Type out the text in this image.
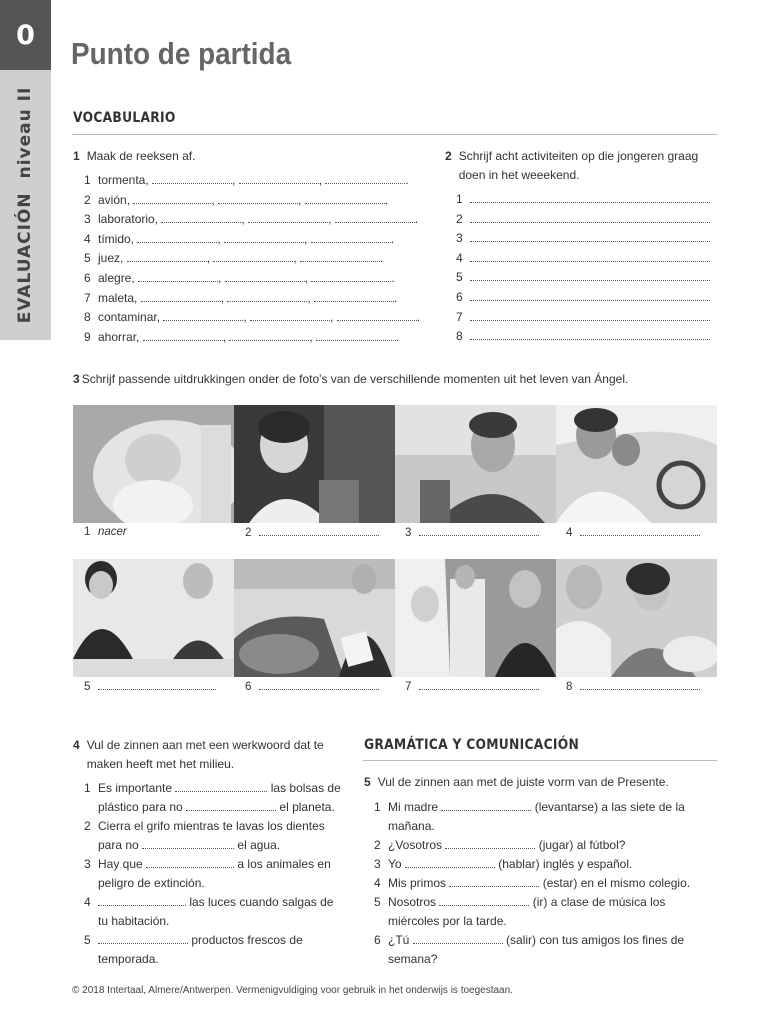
0
EVALUACIÓNniveau II
Punto de partida
VOCABULARIO
1 Maak de reeksen af.
1 tormenta,	,	,	.
2 avión,	,	,	.
3 laboratorio,	,	,	.
4 tímido,	,	,	.
5 juez,	,	,	.
6 alegre,	,	,	.
7 maleta,	,	,	.
8 contaminar,	,	,	.
9 ahorrar,	,	,	.
2 Schrijf acht activiteiten op die jongeren graag doen in het weeekend.
1
2
3
4
5
6
7
8
3 Schrijf passende uitdrukkingen onder de foto's van de verschillende momenten uit het leven van Ángel.
1 nacer	2	3	4
5	6	7	8
4 Vul de zinnen aan met een werkwoord dat te maken heeft met het milieu.
1 Es importante	las bolsas de plástico para no	el planeta.
2 Cierra el grifo mientras te lavas los dientes para no	el agua.
3 Hay que	a los animales en peligro de extinción.
4	las luces cuando salgas de tu habitación.
5	productos frescos de temporada.
GRAMÁTICA Y COMUNICACIÓN
5 Vul de zinnen aan met de juiste vorm van de Presente.
1 Mi madre	(levantarse) a las siete de la mañana.
2 ¿Vosotros	(jugar) al fútbol?
3 Yo	(hablar) inglés y español.
4 Mis primos	(estar) en el mismo colegio.
5 Nosotros	(ir) a clase de música los miércoles por la tarde.
6 ¿Tú	(salir) con tus amigos los fines de semana?
© 2018 Intertaal, Almere/Antwerpen. Vermenigvuldiging voor gebruik in het onderwijs is toegestaan.
